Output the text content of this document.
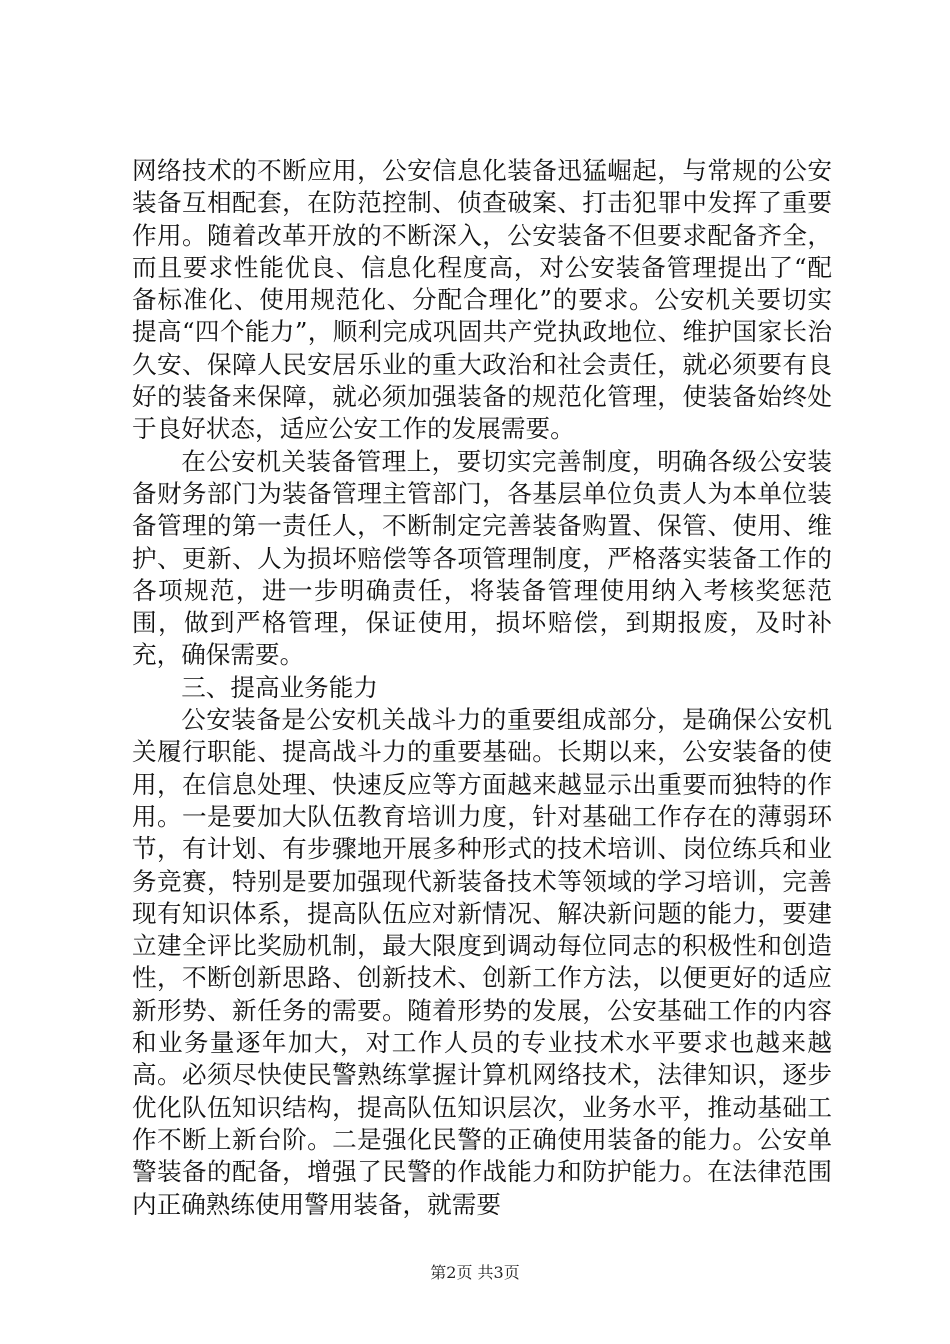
网络技术的不断应用，公安信息化装备迅猛崛起，与常规的公安装备互相配套，在防范控制、侦查破案、打击犯罪中发挥了重要作用。随着改革开放的不断深入，公安装备不但要求配备齐全，而且要求性能优良、信息化程度高，对公安装备管理提出了“配备标准化、使用规范化、分配合理化”的要求。公安机关要切实提高“四个能力”，顺利完成巩固共产党执政地位、维护国家长治久安、保障人民安居乐业的重大政治和社会责任，就必须要有良好的装备来保障，就必须加强装备的规范化管理，使装备始终处于良好状态，适应公安工作的发展需要。

在公安机关装备管理上，要切实完善制度，明确各级公安装备财务部门为装备管理主管部门，各基层单位负责人为本单位装备管理的第一责任人，不断制定完善装备购置、保管、使用、维护、更新、人为损坏赔偿等各项管理制度，严格落实装备工作的各项规范，进一步明确责任，将装备管理使用纳入考核奖惩范围，做到严格管理，保证使用，损坏赔偿，到期报废，及时补充，确保需要。

三、提高业务能力

公安装备是公安机关战斗力的重要组成部分，是确保公安机关履行职能、提高战斗力的重要基础。长期以来，公安装备的使用，在信息处理、快速反应等方面越来越显示出重要而独特的作用。一是要加大队伍教育培训力度，针对基础工作存在的薄弱环节，有计划、有步骤地开展多种形式的技术培训、岗位练兵和业务竞赛，特别是要加强现代新装备技术等领域的学习培训，完善现有知识体系，提高队伍应对新情况、解决新问题的能力，要建立建全评比奖励机制，最大限度到调动每位同志的积极性和创造性，不断创新思路、创新技术、创新工作方法，以便更好的适应新形势、新任务的需要。随着形势的发展，公安基础工作的内容和业务量逐年加大，对工作人员的专业技术水平要求也越来越高。必须尽快使民警熟练掌握计算机网络技术，法律知识，逐步优化队伍知识结构，提高队伍知识层次，业务水平，推动基础工作不断上新台阶。二是强化民警的正确使用装备的能力。公安单警装备的配备，增强了民警的作战能力和防护能力。在法律范围内正确熟练使用警用装备，就需要

第2页 共3页
